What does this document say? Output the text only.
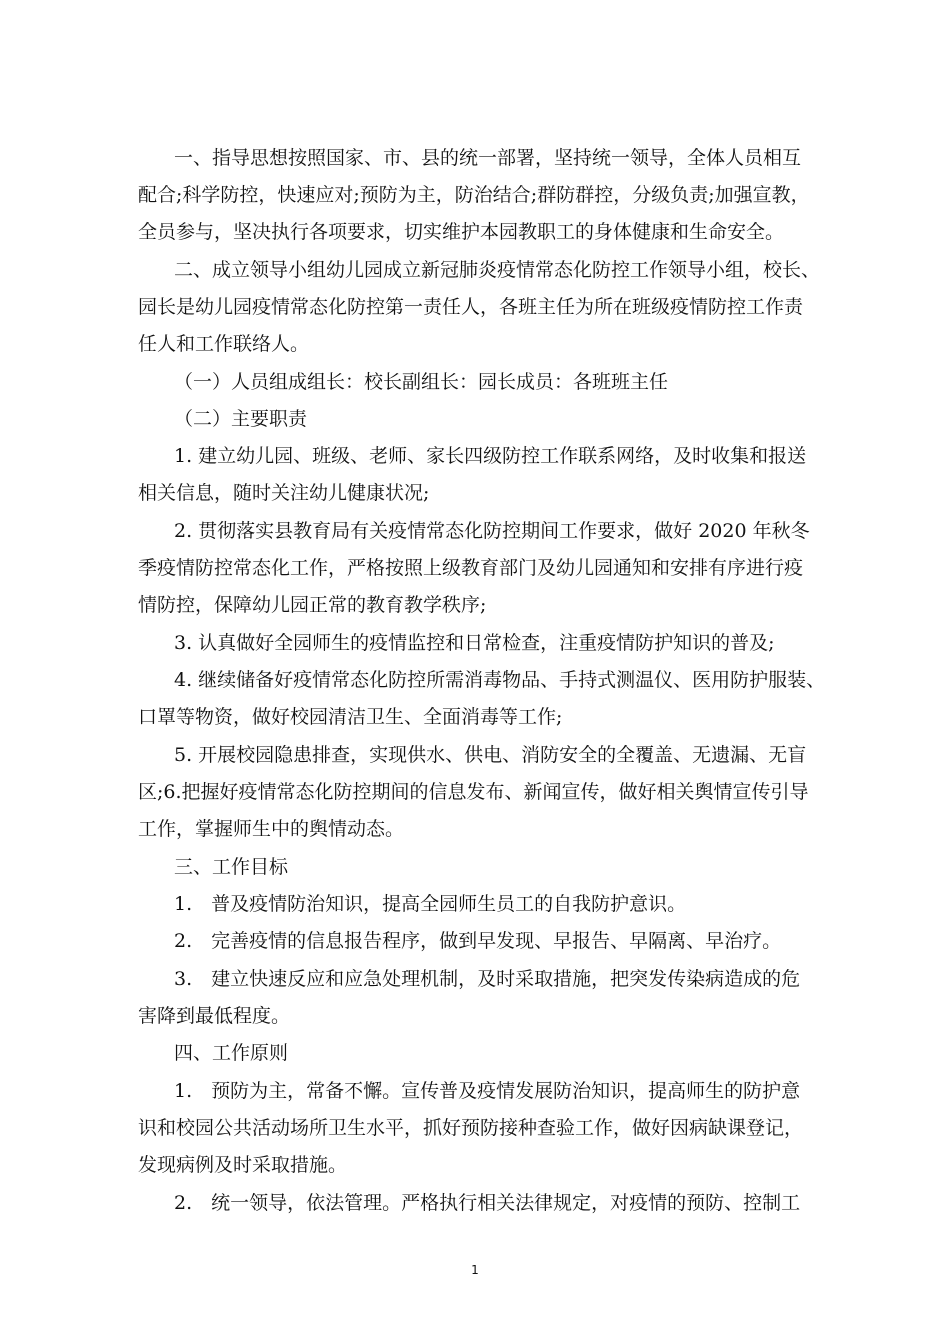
一、指导思想按照国家、市、县的统一部署，坚持统一领导，全体人员相互
配合;科学防控，快速应对;预防为主，防治结合;群防群控，分级负责;加强宣教，
全员参与，坚决执行各项要求，切实维护本园教职工的身体健康和生命安全。
二、成立领导小组幼儿园成立新冠肺炎疫情常态化防控工作领导小组，校长、
园长是幼儿园疫情常态化防控第一责任人，各班主任为所在班级疫情防控工作责
任人和工作联络人。
（一）人员组成组长：校长副组长：园长成员：各班班主任
（二）主要职责
1. 建立幼儿园、班级、老师、家长四级防控工作联系网络，及时收集和报送
相关信息，随时关注幼儿健康状况;
2. 贯彻落实县教育局有关疫情常态化防控期间工作要求，做好 2020 年秋冬
季疫情防控常态化工作，严格按照上级教育部门及幼儿园通知和安排有序进行疫
情防控，保障幼儿园正常的教育教学秩序;
3. 认真做好全园师生的疫情监控和日常检查，注重疫情防护知识的普及;
4. 继续储备好疫情常态化防控所需消毒物品、手持式测温仪、医用防护服装、
口罩等物资，做好校园清洁卫生、全面消毒等工作;
5. 开展校园隐患排查，实现供水、供电、消防安全的全覆盖、无遗漏、无盲
区;6.把握好疫情常态化防控期间的信息发布、新闻宣传，做好相关舆情宣传引导
工作，掌握师生中的舆情动态。
三、工作目标
1.　普及疫情防治知识，提高全园师生员工的自我防护意识。
2.　完善疫情的信息报告程序，做到早发现、早报告、早隔离、早治疗。
3.　建立快速反应和应急处理机制，及时采取措施，把突发传染病造成的危
害降到最低程度。
四、工作原则
1.　预防为主，常备不懈。宣传普及疫情发展防治知识，提高师生的防护意
识和校园公共活动场所卫生水平，抓好预防接种查验工作，做好因病缺课登记，
发现病例及时采取措施。
2.　统一领导，依法管理。严格执行相关法律规定，对疫情的预防、控制工
1
